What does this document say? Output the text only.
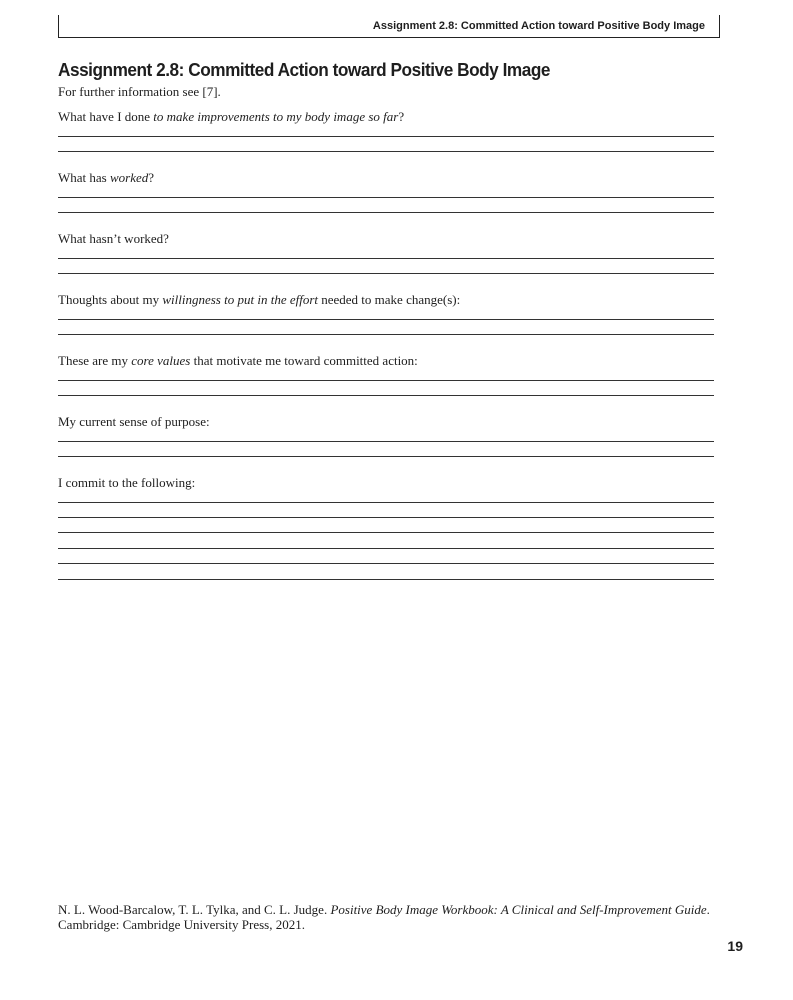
Assignment 2.8: Committed Action toward Positive Body Image
Assignment 2.8: Committed Action toward Positive Body Image
For further information see [7].
What have I done to make improvements to my body image so far?
What has worked?
What hasn’t worked?
Thoughts about my willingness to put in the effort needed to make change(s):
These are my core values that motivate me toward committed action:
My current sense of purpose:
I commit to the following:
N. L. Wood-Barcalow, T. L. Tylka, and C. L. Judge. Positive Body Image Workbook: A Clinical and Self-Improvement Guide. Cambridge: Cambridge University Press, 2021.
19
